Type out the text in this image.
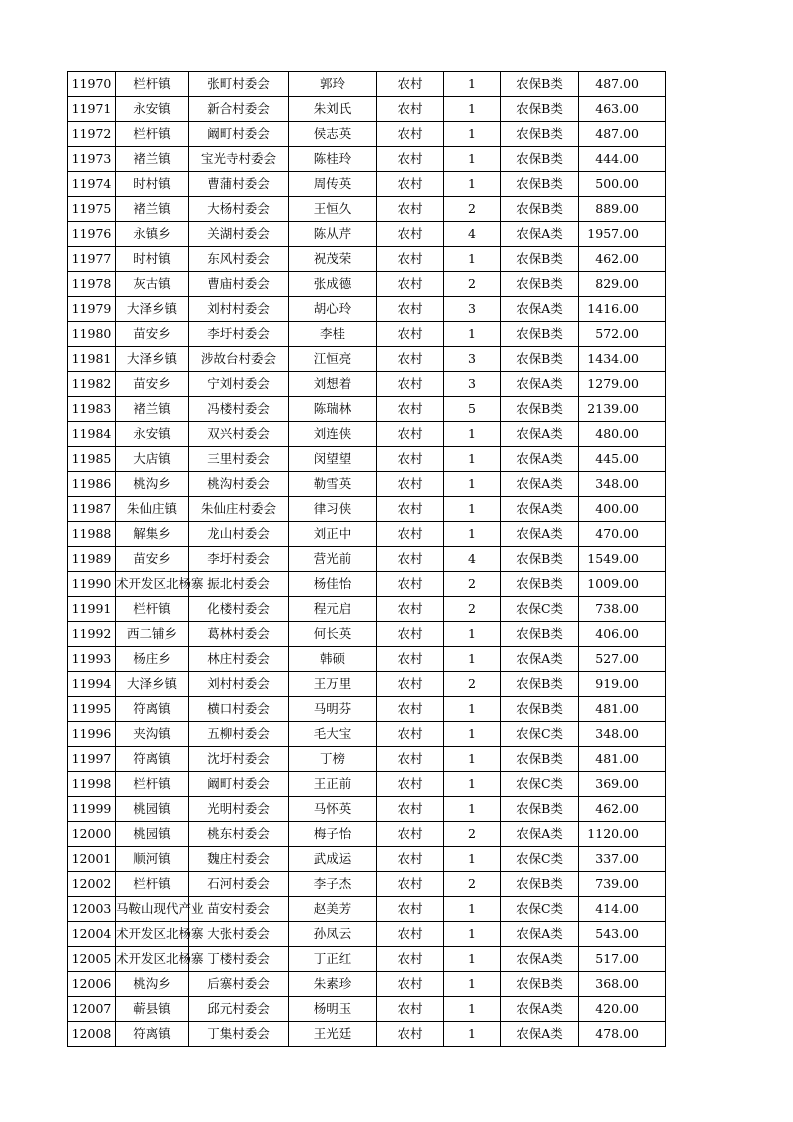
11970	栏杆镇	张町村委会	郭玲	农村	1	农保B类	487.00
11971	永安镇	新合村委会	朱刘氏	农村	1	农保B类	463.00
11972	栏杆镇	阚町村委会	侯志英	农村	1	农保B类	487.00
11973	褚兰镇	宝光寺村委会	陈桂玲	农村	1	农保B类	444.00
11974	时村镇	曹蒲村委会	周传英	农村	1	农保B类	500.00
11975	褚兰镇	大杨村委会	王恒久	农村	2	农保B类	889.00
11976	永镇乡	关湖村委会	陈从芹	农村	4	农保A类	1957.00
11977	时村镇	东风村委会	祝茂荣	农村	1	农保B类	462.00
11978	灰古镇	曹庙村委会	张成德	农村	2	农保B类	829.00
11979	大泽乡镇	刘村村委会	胡心玲	农村	3	农保A类	1416.00
11980	苗安乡	李圩村委会	李桂	农村	1	农保B类	572.00
11981	大泽乡镇	涉故台村委会	江恒亮	农村	3	农保B类	1434.00
11982	苗安乡	宁刘村委会	刘想着	农村	3	农保A类	1279.00
11983	褚兰镇	冯楼村委会	陈瑞林	农村	5	农保B类	2139.00
11984	永安镇	双兴村委会	刘连侠	农村	1	农保A类	480.00
11985	大店镇	三里村委会	闵望望	农村	1	农保A类	445.00
11986	桃沟乡	桃沟村委会	勒雪英	农村	1	农保A类	348.00
11987	朱仙庄镇	朱仙庄村委会	律习侠	农村	1	农保A类	400.00
11988	解集乡	龙山村委会	刘正中	农村	1	农保A类	470.00
11989	苗安乡	李圩村委会	营光前	农村	4	农保B类	1549.00
11990	术开发区北杨寨	振北村委会	杨佳怡	农村	2	农保B类	1009.00
11991	栏杆镇	化楼村委会	程元启	农村	2	农保C类	738.00
11992	西二铺乡	葛林村委会	何长英	农村	1	农保B类	406.00
11993	杨庄乡	林庄村委会	韩硕	农村	1	农保A类	527.00
11994	大泽乡镇	刘村村委会	王万里	农村	2	农保B类	919.00
11995	符离镇	横口村委会	马明芬	农村	1	农保B类	481.00
11996	夹沟镇	五柳村委会	毛大宝	农村	1	农保C类	348.00
11997	符离镇	沈圩村委会	丁榜	农村	1	农保B类	481.00
11998	栏杆镇	阚町村委会	王正前	农村	1	农保C类	369.00
11999	桃园镇	光明村委会	马怀英	农村	1	农保B类	462.00
12000	桃园镇	桃东村委会	梅子怡	农村	2	农保A类	1120.00
12001	顺河镇	魏庄村委会	武成运	农村	1	农保C类	337.00
12002	栏杆镇	石河村委会	李子杰	农村	2	农保B类	739.00
12003	马鞍山现代产业	苗安村委会	赵美芳	农村	1	农保C类	414.00
12004	术开发区北杨寨	大张村委会	孙凤云	农村	1	农保A类	543.00
12005	术开发区北杨寨	丁楼村委会	丁正红	农村	1	农保A类	517.00
12006	桃沟乡	后寨村委会	朱素珍	农村	1	农保B类	368.00
12007	蕲县镇	邱元村委会	杨明玉	农村	1	农保A类	420.00
12008	符离镇	丁集村委会	王光廷	农村	1	农保A类	478.00
